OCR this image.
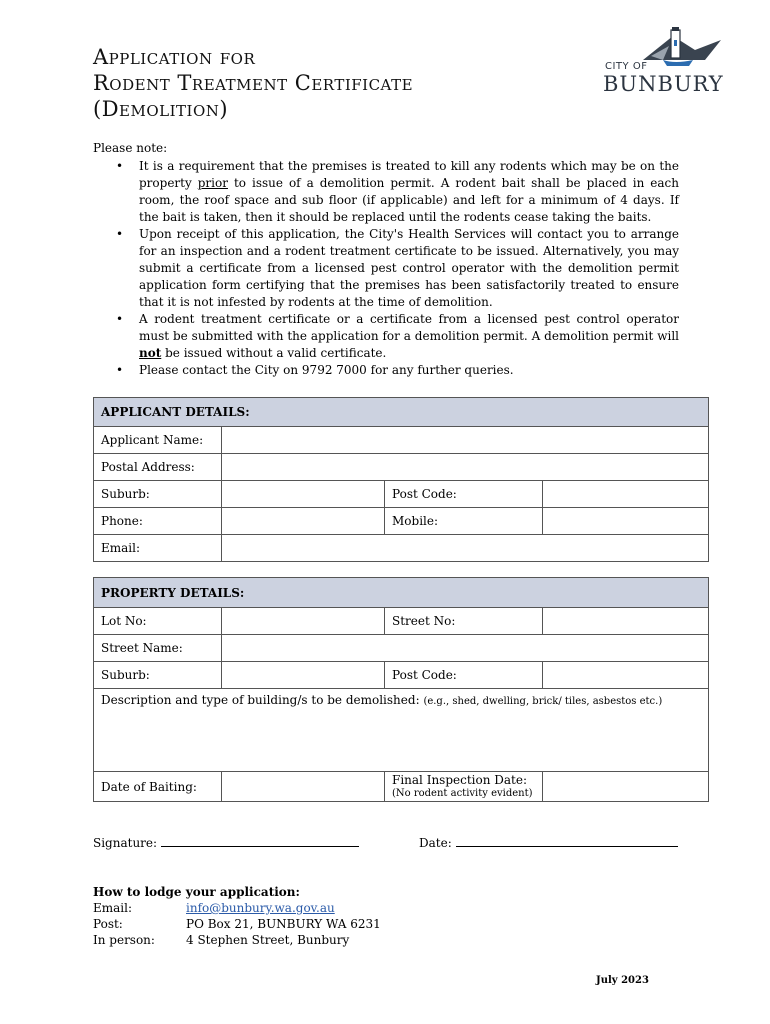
Application for
Rodent Treatment Certificate
(Demolition)
CITY OF
BUNBURY
Please note:
• It is a requirement that the premises is treated to kill any rodents which may be on the property prior to issue of a demolition permit. A rodent bait shall be placed in each room, the roof space and sub floor (if applicable) and left for a minimum of 4 days. If the bait is taken, then it should be replaced until the rodents cease taking the baits.
• Upon receipt of this application, the City's Health Services will contact you to arrange for an inspection and a rodent treatment certificate to be issued. Alternatively, you may submit a certificate from a licensed pest control operator with the demolition permit application form certifying that the premises has been satisfactorily treated to ensure that it is not infested by rodents at the time of demolition.
• A rodent treatment certificate or a certificate from a licensed pest control operator must be submitted with the application for a demolition permit. A demolition permit will not be issued without a valid certificate.
• Please contact the City on 9792 7000 for any further queries.
APPLICANT DETAILS:			
Applicant Name:			
Postal Address:			
Suburb:		Post Code:	
Phone:		Mobile:	
Email:			
PROPERTY DETAILS:			
Lot No:		Street No:	
Street Name:			
Suburb:		Post Code:	
Description and type of building/s to be demolished: (e.g., shed, dwelling, brick/ tiles, asbestos etc.)			
Date of Baiting:		Final Inspection Date:
(No rodent activity evident)	

Signature:	Date:
How to lodge your application:
Email:	info@bunbury.wa.gov.au
Post:	PO Box 21, BUNBURY WA 6231
In person:	4 Stephen Street, Bunbury
July 2023
